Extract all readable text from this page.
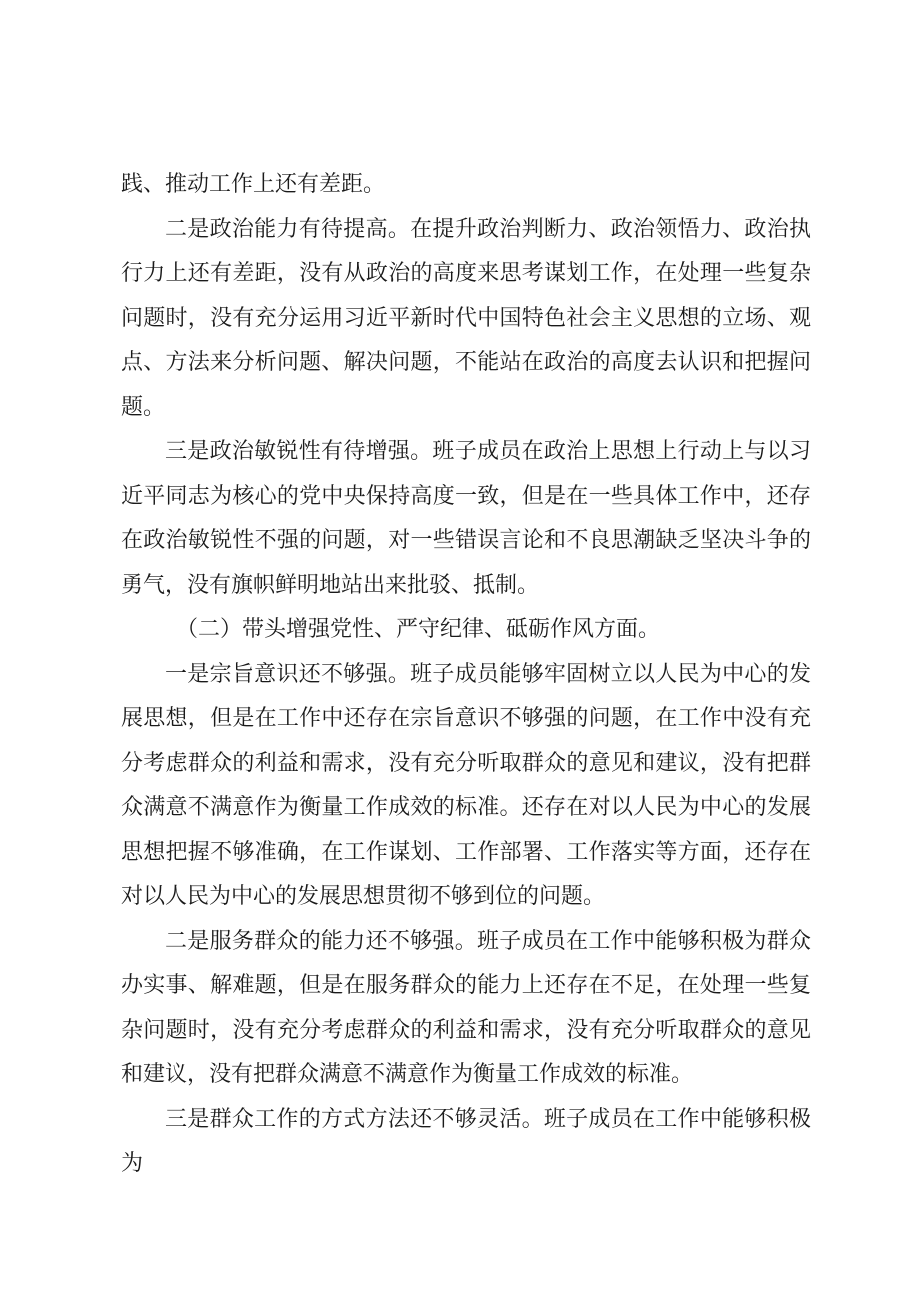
践、推动工作上还有差距。

二是政治能力有待提高。在提升政治判断力、政治领悟力、政治执行力上还有差距，没有从政治的高度来思考谋划工作，在处理一些复杂问题时，没有充分运用习近平新时代中国特色社会主义思想的立场、观点、方法来分析问题、解决问题，不能站在政治的高度去认识和把握问题。

三是政治敏锐性有待增强。班子成员在政治上思想上行动上与以习近平同志为核心的党中央保持高度一致，但是在一些具体工作中，还存在政治敏锐性不强的问题，对一些错误言论和不良思潮缺乏坚决斗争的勇气，没有旗帜鲜明地站出来批驳、抵制。

（二）带头增强党性、严守纪律、砥砺作风方面。

一是宗旨意识还不够强。班子成员能够牢固树立以人民为中心的发展思想，但是在工作中还存在宗旨意识不够强的问题，在工作中没有充分考虑群众的利益和需求，没有充分听取群众的意见和建议，没有把群众满意不满意作为衡量工作成效的标准。还存在对以人民为中心的发展思想把握不够准确，在工作谋划、工作部署、工作落实等方面，还存在对以人民为中心的发展思想贯彻不够到位的问题。

二是服务群众的能力还不够强。班子成员在工作中能够积极为群众办实事、解难题，但是在服务群众的能力上还存在不足，在处理一些复杂问题时，没有充分考虑群众的利益和需求，没有充分听取群众的意见和建议，没有把群众满意不满意作为衡量工作成效的标准。

三是群众工作的方式方法还不够灵活。班子成员在工作中能够积极为
